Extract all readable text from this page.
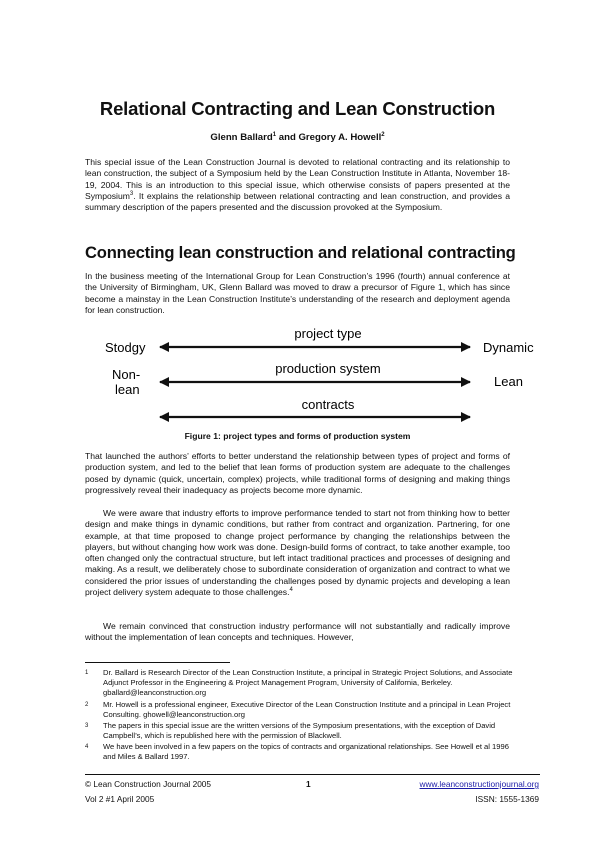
Relational Contracting and Lean Construction
Glenn Ballard$^1$ and Gregory A. Howell$^2$

This special issue of the Lean Construction Journal is devoted to relational contracting and its relationship to lean construction, the subject of a Symposium held by the Lean Construction Institute in Atlanta, November 18-19, 2004. This is an introduction to this special issue, which otherwise consists of papers presented at the Symposium$^3$. It explains the relationship between relational contracting and lean construction, and provides a summary description of the papers presented and the discussion provoked at the Symposium.

Connecting lean construction and relational contracting

In the business meeting of the International Group for Lean Construction’s 1996 (fourth) annual conference at the University of Birmingham, UK, Glenn Ballard was moved to draw a precursor of Figure 1, which has since become a mainstay in the Lean Construction Institute’s understanding of the research and deployment agenda for lean construction.

project type
Stodgy	Dynamic
production system
Non-
lean
Lean
contracts
Figure 1: project types and forms of production system

That launched the authors’ efforts to better understand the relationship between types of project and forms of production system, and led to the belief that lean forms of production system are adequate to the challenges posed by dynamic (quick, uncertain, complex) projects, while traditional forms of designing and making things progressively reveal their inadequacy as projects become more dynamic.

We were aware that industry efforts to improve performance tended to start not from thinking how to better design and make things in dynamic conditions, but rather from contract and organization. Partnering, for one example, at that time proposed to change project performance by changing the relationships between the players, but without changing how work was done. Design-build forms of contract, to take another example, too often changed only the contractual structure, but left intact traditional practices and processes of designing and making. As a result, we deliberately chose to subordinate consideration of organization and contract to what we considered the prior issues of understanding the challenges posed by dynamic projects and developing a lean project delivery system adequate to those challenges.$^4$

We remain convinced that construction industry performance will not substantially and radically improve without the implementation of lean concepts and techniques. However,

1 Dr. Ballard is Research Director of the Lean Construction Institute, a principal in Strategic Project Solutions, and Associate Adjunct Professor in the Engineering & Project Management Program, University of California, Berkeley. gballard@leanconstruction.org
2 Mr. Howell is a professional engineer, Executive Director of the Lean Construction Institute and a principal in Lean Project Consulting. ghowell@leanconstruction.org
3 The papers in this special issue are the written versions of the Symposium presentations, with the exception of David Campbell’s, which is republished here with the permission of Blackwell.
4 We have been involved in a few papers on the topics of contracts and organizational relationships. See Howell et al 1996 and Miles & Ballard 1997.
© Lean Construction Journal 2005	1	www.leanconstructionjournal.org
Vol 2 #1 April 2005	ISSN: 1555-1369
